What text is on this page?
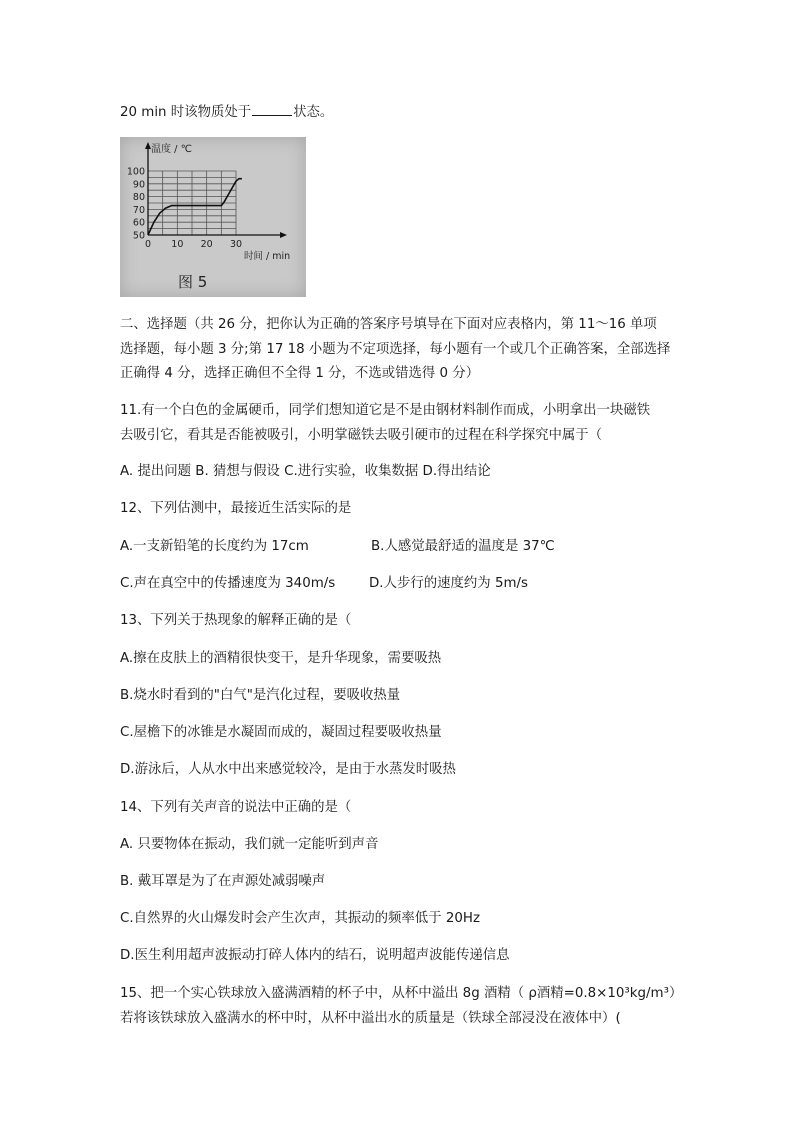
20 min 时该物质处于	状态。
100
90
80
70
60
50
0 10 20 30
温度 / ℃
时间 / min
图 5
二、选择题（共 26 分，把你认为正确的答案序号填导在下面对应表格内，第 11～16 单项
选择题，每小题 3 分;第 17 18 小题为不定项选择，每小题有一个或几个正确答案，全部选择
正确得 4 分，选择正确但不全得 1 分，不选或错选得 0 分）
11.有一个白色的金属硬币，同学们想知道它是不是由钢材料制作而成，小明拿出一块磁铁
去吸引它，看其是否能被吸引，小明掌磁铁去吸引硬市的过程在科学探究中属于（
A. 提出问题 B. 猜想与假设 C.进行实验，收集数据 D.得出结论
12、下列估测中，最接近生活实际的是
A.一支新铅笔的长度约为 17cm	B.人感觉最舒适的温度是 37℃
C.声在真空中的传播速度为 340m/s	D.人步行的速度约为 5m/s
13、下列关于热现象的解释正确的是（
A.擦在皮肤上的酒精很快变干，是升华现象，需要吸热
B.烧水时看到的"白气"是汽化过程，要吸收热量
C.屋檐下的冰锥是水凝固而成的，凝固过程要吸收热量
D.游泳后，人从水中出来感觉较冷，是由于水蒸发时吸热
14、下列有关声音的说法中正确的是（
A. 只要物体在振动，我们就一定能听到声音
B. 戴耳罩是为了在声源处减弱噪声
C.自然界的火山爆发时会产生次声，其振动的频率低于 20Hz
D.医生利用超声波振动打碎人体内的结石，说明超声波能传递信息
15、把一个实心铁球放入盛满酒精的杯子中，从杯中溢出 8g 酒精（ ρ酒精=0.8×10³kg/m³）
若将该铁球放入盛满水的杯中时，从杯中溢出水的质量是（铁球全部浸没在液体中）(
